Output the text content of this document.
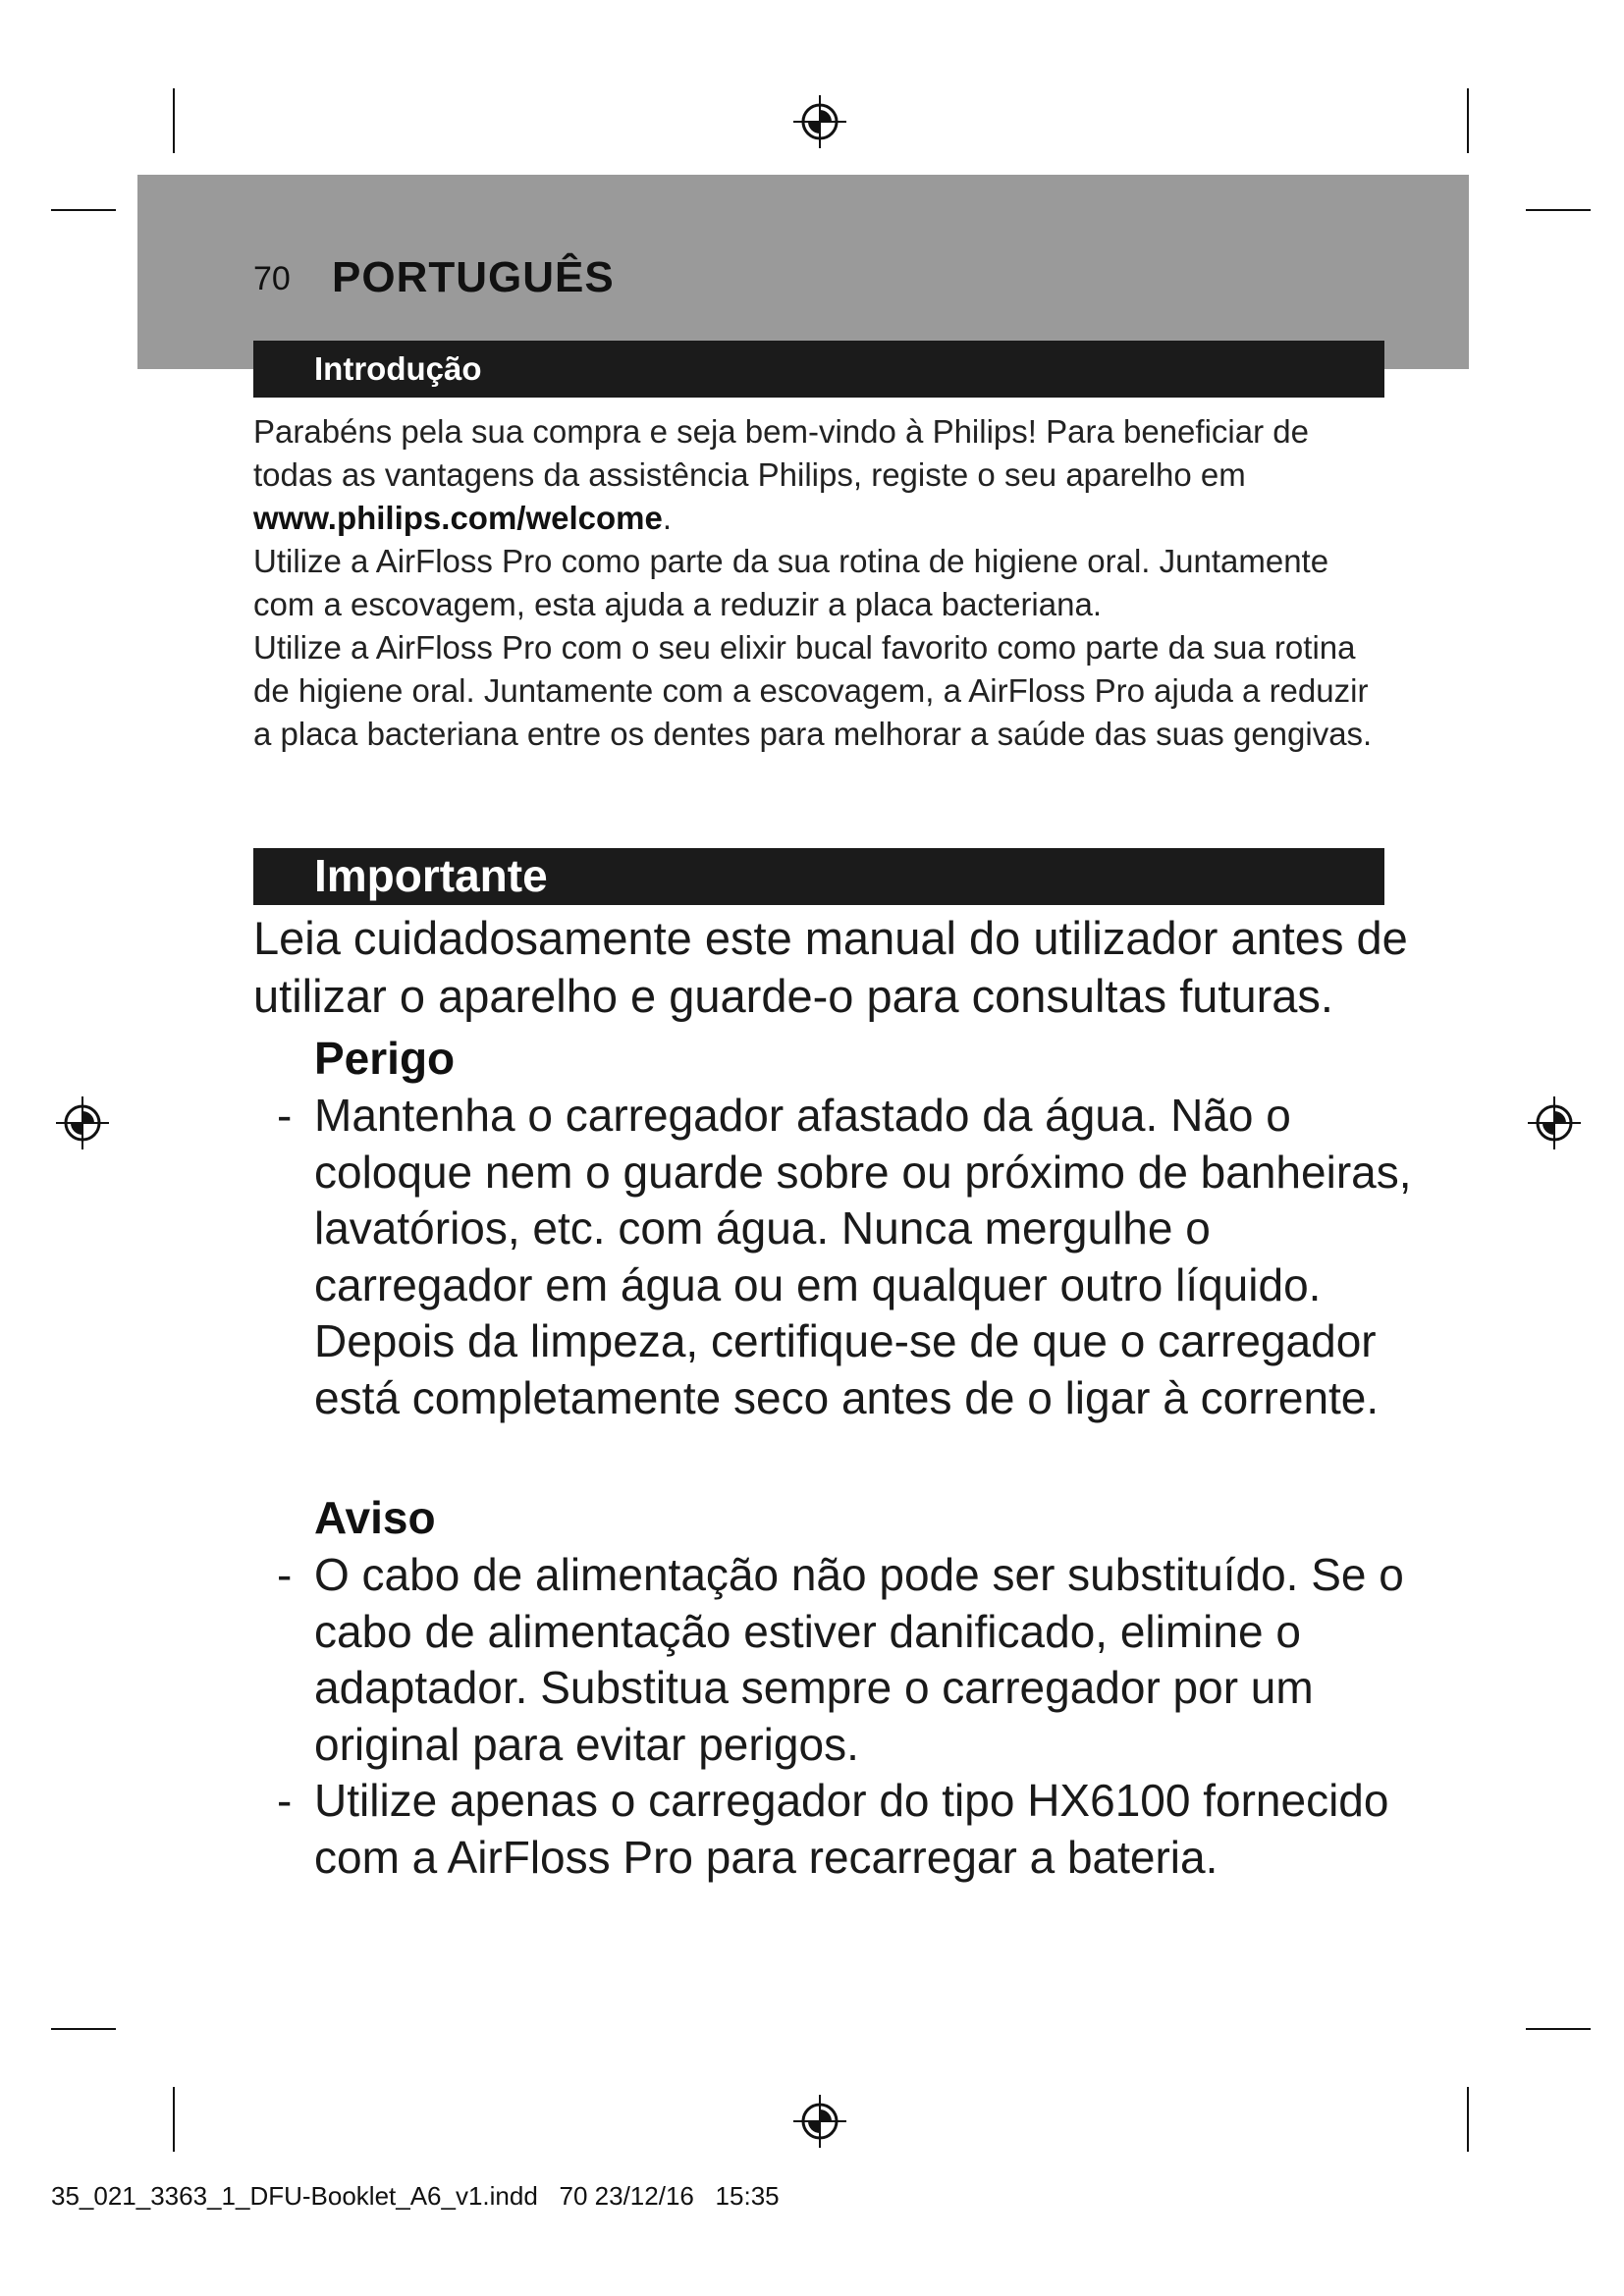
70 PORTUGUÊS
Introdução

Parabéns pela sua compra e seja bem-vindo à Philips! Para beneficiar de todas as vantagens da assistência Philips, registe o seu aparelho em www.philips.com/welcome.

Utilize a AirFloss Pro como parte da sua rotina de higiene oral. Juntamente com a escovagem, esta ajuda a reduzir a placa bacteriana.

Utilize a AirFloss Pro com o seu elixir bucal favorito como parte da sua rotina de higiene oral. Juntamente com a escovagem, a AirFloss Pro ajuda a reduzir a placa bacteriana entre os dentes para melhorar a saúde das suas gengivas.

Importante

Leia cuidadosamente este manual do utilizador antes de utilizar o aparelho e guarde-o para consultas futuras.

Perigo
- Mantenha o carregador afastado da água. Não o coloque nem o guarde sobre ou próximo de banheiras, lavatórios, etc. com água. Nunca mergulhe o carregador em água ou em qualquer outro líquido. Depois da limpeza, certifique-se de que o carregador está completamente seco antes de o ligar à corrente.
Aviso
- O cabo de alimentação não pode ser substituído. Se o cabo de alimentação estiver danificado, elimine o adaptador. Substitua sempre o carregador por um original para evitar perigos.
- Utilize apenas o carregador do tipo HX6100 fornecido com a AirFloss Pro para recarregar a bateria.
35_021_3363_1_DFU-Booklet_A6_v1.indd 70 23/12/16 15:35
